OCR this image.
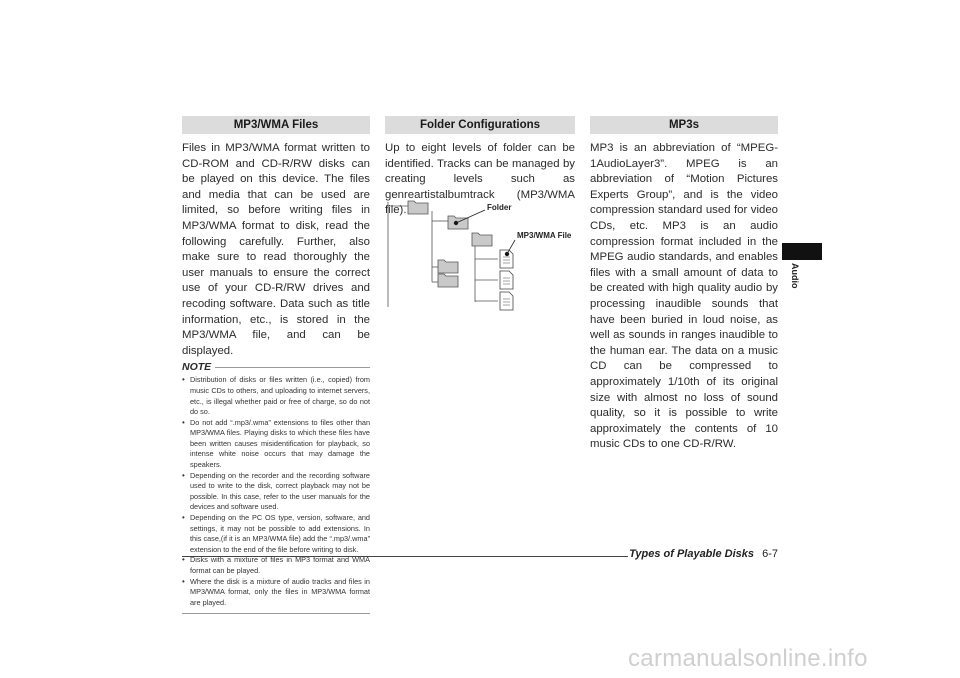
MP3/WMA Files

Files in MP3/WMA format written to CD-ROM and CD-R/RW disks can be played on this device. The files and media that can be used are limited, so before writing files in MP3/WMA format to disk, read the following carefully. Further, also make sure to read thoroughly the user manuals to ensure the correct use of your CD-R/RW drives and recoding software. Data such as title information, etc., is stored in the MP3/WMA file, and can be displayed.

NOTE
• Distribution of disks or files written (i.e., copied) from music CDs to others, and uploading to internet servers, etc., is illegal whether paid or free of charge, so do not do so.
• Do not add “.mp3/.wma” extensions to files other than MP3/WMA files. Playing disks to which these files have been written causes misidentification for playback, so intense white noise occurs that may damage the speakers.
• Depending on the recorder and the recording software used to write to the disk, correct playback may not be possible. In this case, refer to the user manuals for the devices and software used.
• Depending on the PC OS type, version, software, and settings, it may not be possible to add extensions. In this case,(if it is an MP3/WMA file) add the “.mp3/.wma” extension to the end of the file before writing to disk.
• Disks with a mixture of files in MP3 format and WMA format can be played.
• Where the disk is a mixture of audio tracks and files in MP3/WMA format, only the files in MP3/WMA format are played.
Folder Configurations

Up to eight levels of folder can be identified. Tracks can be managed by creating levels such as genreartistalbumtrack (MP3/WMA file).	Folder
MP3/WMA File
MP3s

MP3 is an abbreviation of “MPEG-1AudioLayer3”. MPEG is an abbreviation of “Motion Pictures Experts Group”, and is the video compression standard used for video CDs, etc. MP3 is an audio compression format included in the MPEG audio standards, and enables files with a small amount of data to be created with high quality audio by processing inaudible sounds that have been buried in loud noise, as well as sounds in ranges inaudible to the human ear. The data on a music CD can be compressed to approximately 1/10th of its original size with almost no loss of sound quality, so it is possible to write approximately the contents of 10 music CDs to one CD-R/RW.

Audio
Types of Playable Disks 6-7
carmanualsonline.info
